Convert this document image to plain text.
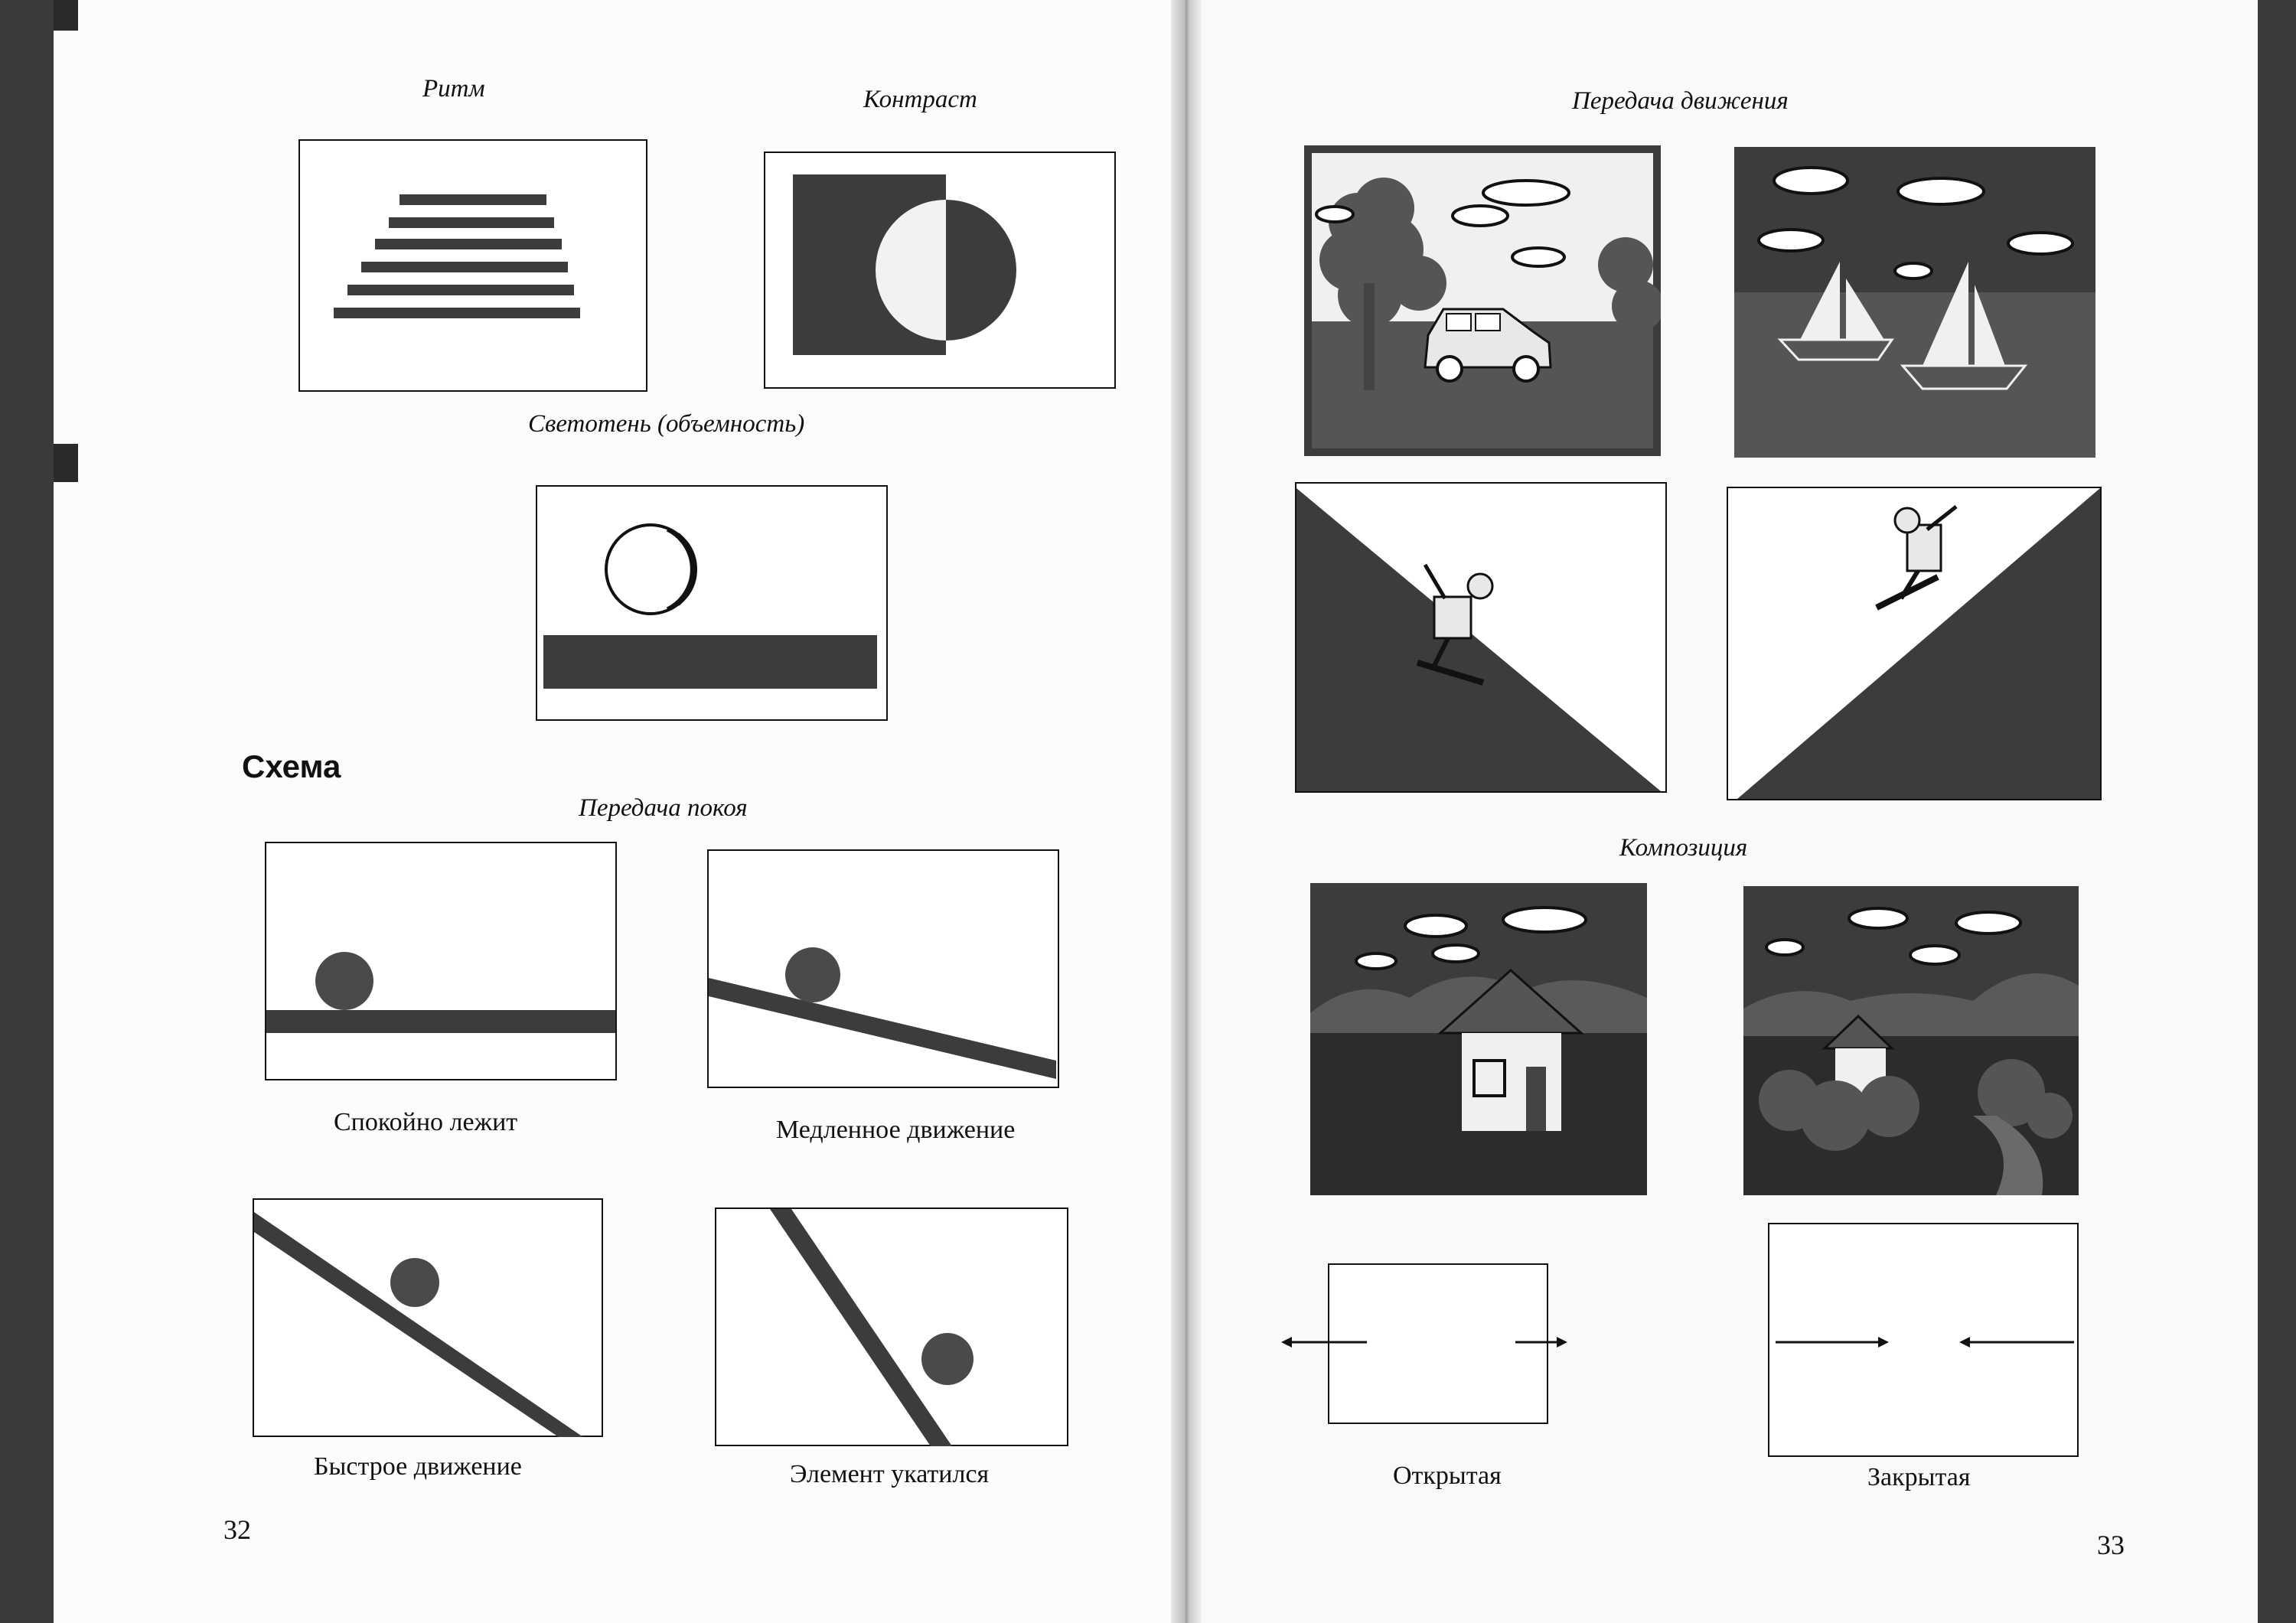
Ритм	Контраст
Светотень (объемность)
Схема
Передача покоя
Спокойно лежит	Медленное движение
Быстрое движение	Элемент укатился
32
Передача движения
Композиция
Открытая	Закрытая
33
